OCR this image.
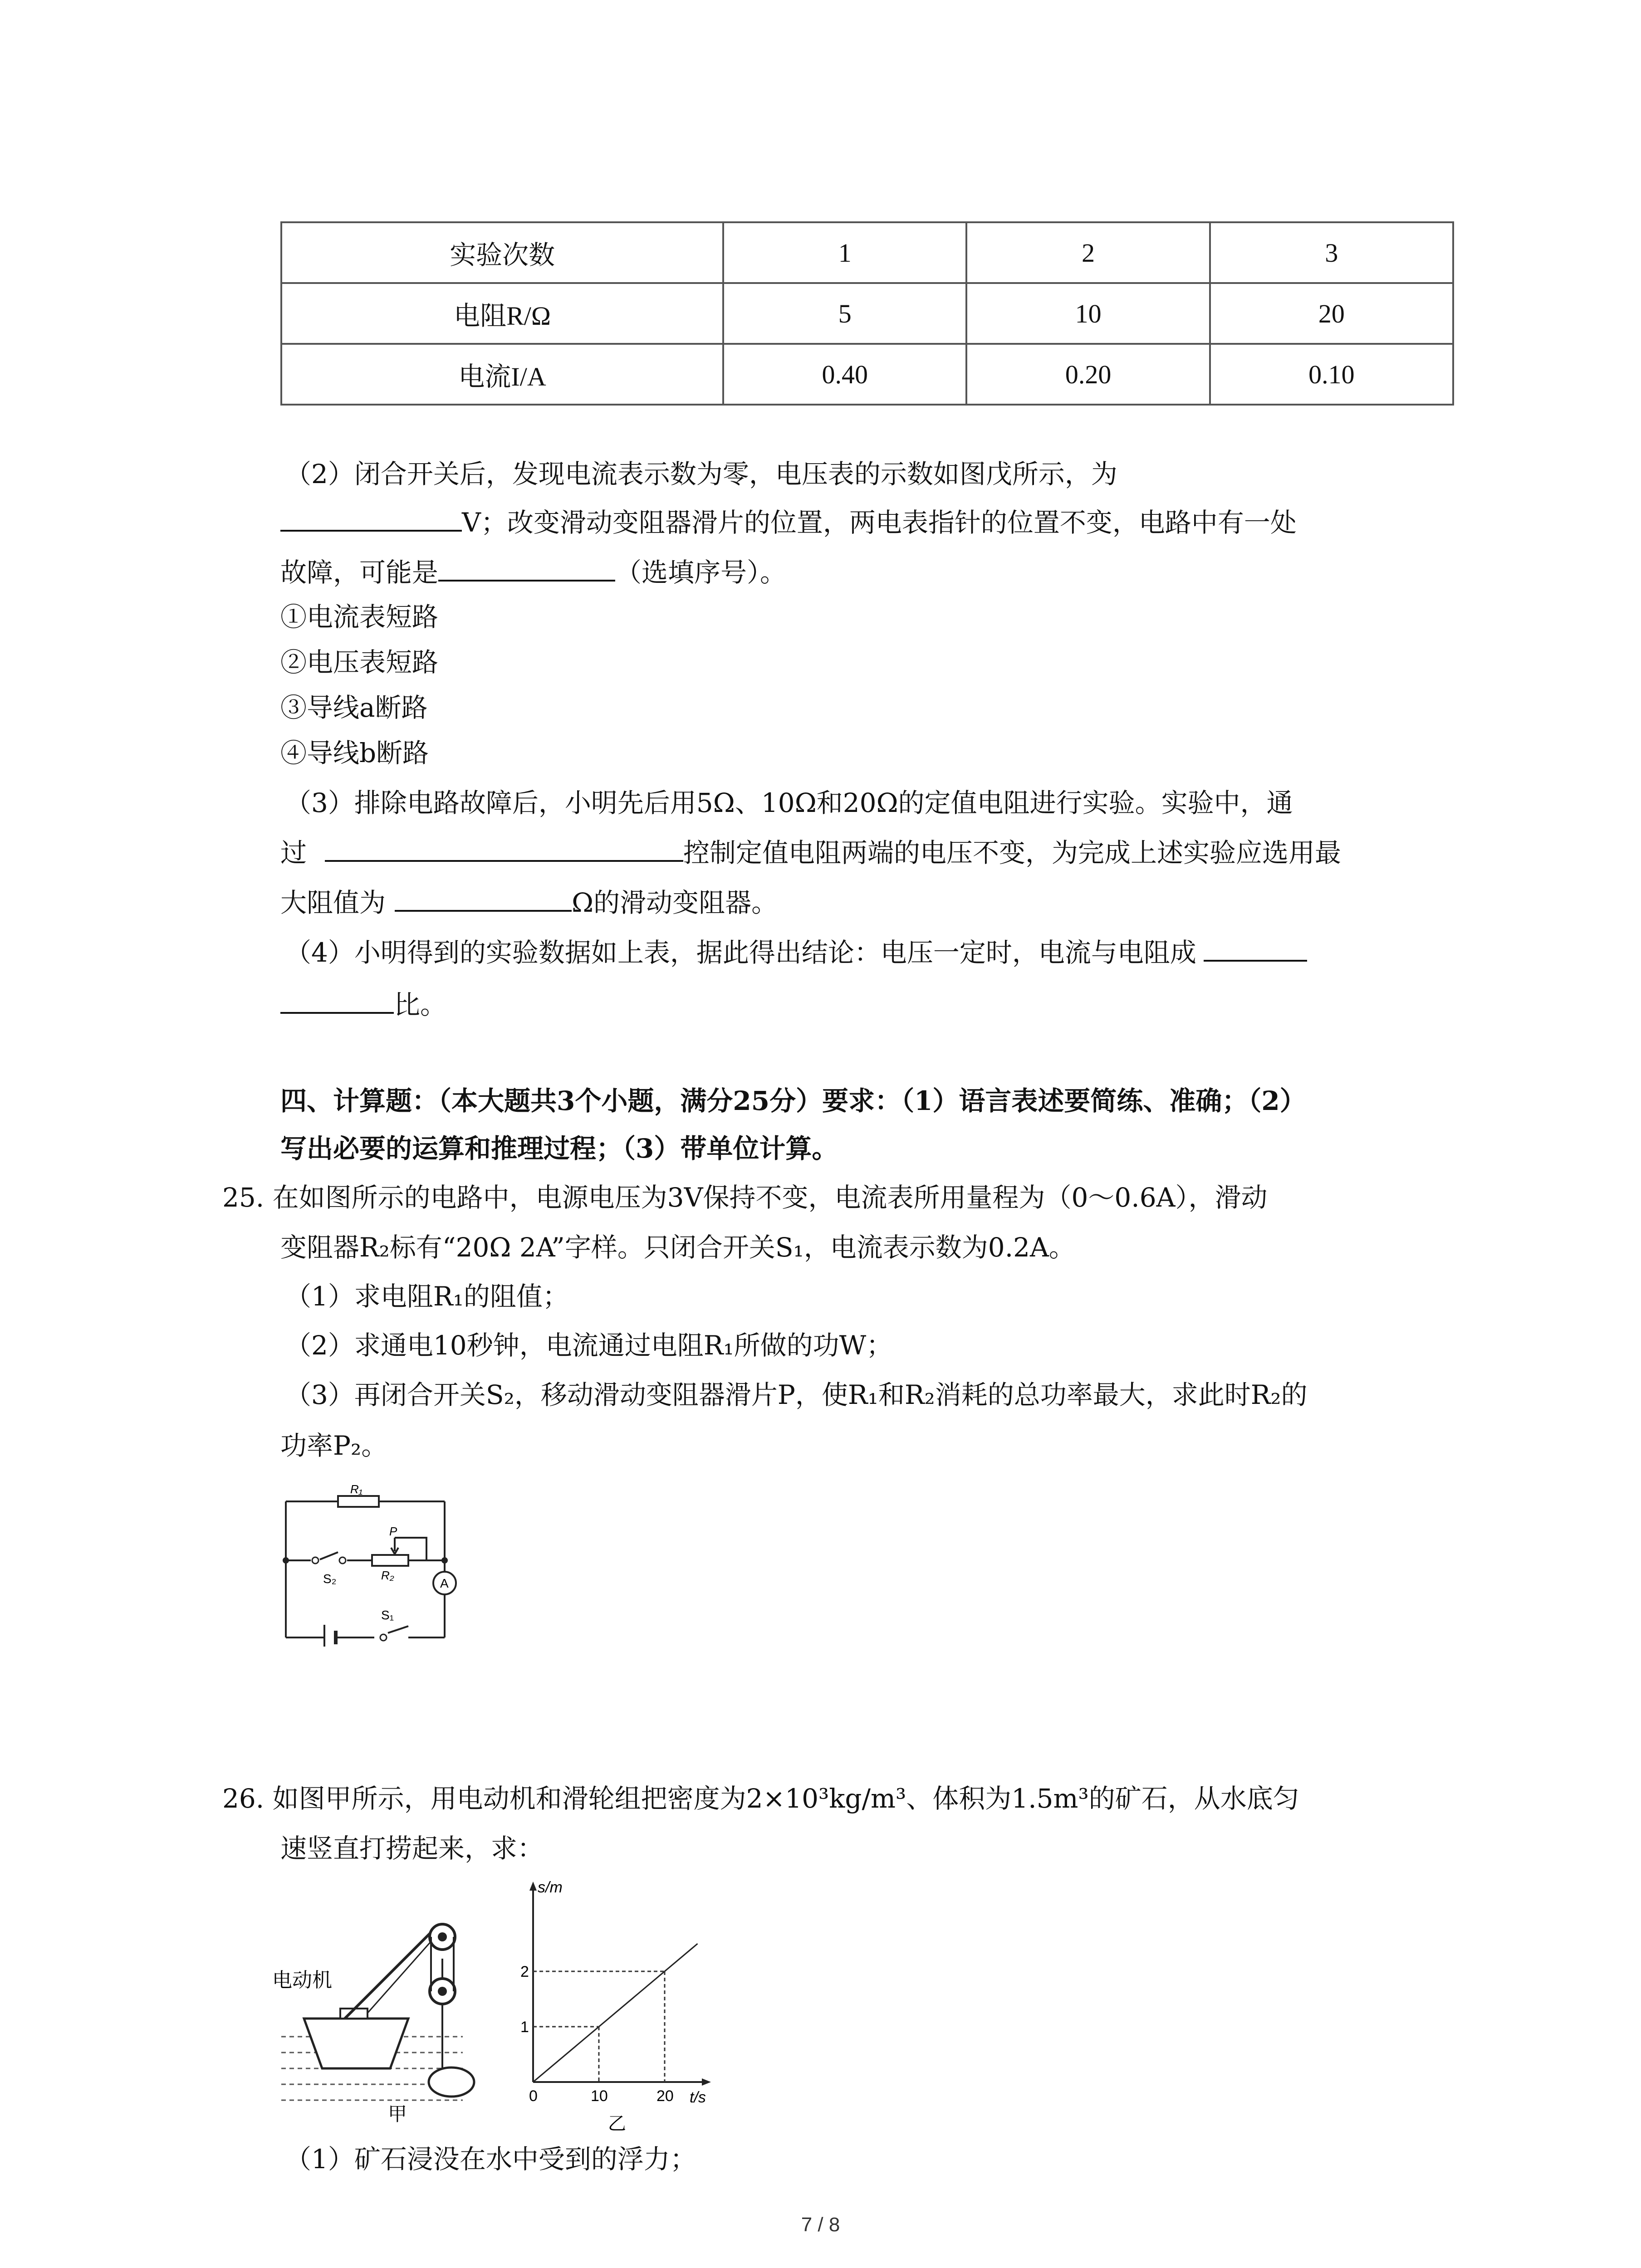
实验次数	1	2	3
电阻R/Ω	5	10	20
电流I/A	0.40	0.20	0.10
（2）闭合开关后，发现电流表示数为零，电压表的示数如图戊所示，为
V；改变滑动变阻器滑片的位置，两电表指针的位置不变，电路中有一处
故障，可能是	（选填序号）。
①电流表短路
②电压表短路
③导线a断路
④导线b断路
（3）排除电路故障后，小明先后用5Ω、10Ω和20Ω的定值电阻进行实验。实验中，通
过	控制定值电阻两端的电压不变，为完成上述实验应选用最
大阻值为	Ω的滑动变阻器。
（4）小明得到的实验数据如上表，据此得出结论：电压一定时，电流与电阻成
比。
四、计算题：（本大题共3个小题，满分25分）要求：（1）语言表述要简练、准确；（2）
写出必要的运算和推理过程；（3）带单位计算。
25. 在如图所示的电路中，电源电压为3V保持不变，电流表所用量程为（0～0.6A），滑动
变阻器R₂标有“20Ω 2A”字样。只闭合开关S₁，电流表示数为0.2A。
（1）求电阻R₁的阻值；
（2）求通电10秒钟，电流通过电阻R₁所做的功W；
（3）再闭合开关S₂，移动滑动变阻器滑片P，使R₁和R₂消耗的总功率最大，求此时R₂的
功率P₂。
R₁
P
R₂
S₂
S₁
A
26. 如图甲所示，用电动机和滑轮组把密度为2×10³kg/m³、体积为1.5m³的矿石，从水底匀
速竖直打捞起来，求：
电动机
甲
s/m
t/s
乙
1
2
0	10	20
（1）矿石浸没在水中受到的浮力；
7 / 8
